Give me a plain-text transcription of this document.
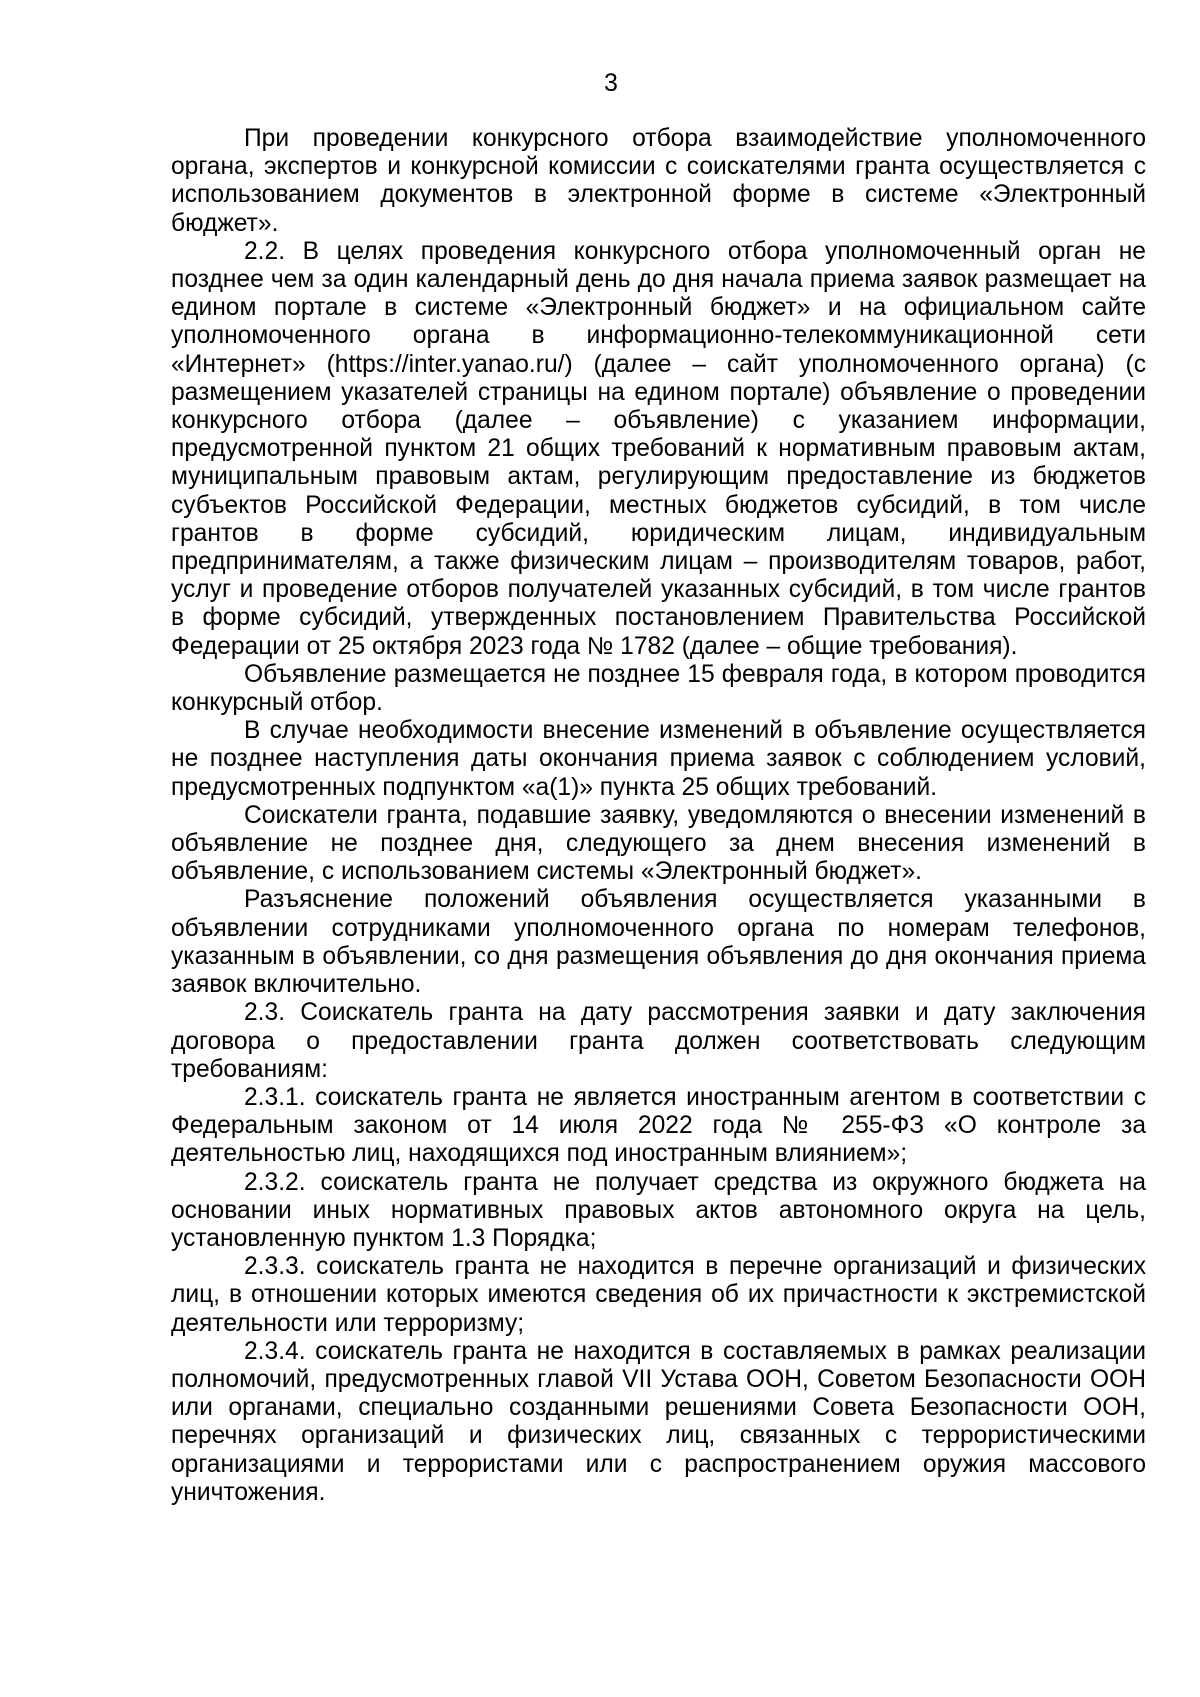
3

При проведении конкурсного отбора взаимодействие уполномоченного органа, экспертов и конкурсной комиссии с соискателями гранта осуществляется с использованием документов в электронной форме в системе «Электронный бюджет».

2.2. В целях проведения конкурсного отбора уполномоченный орган не позднее чем за один календарный день до дня начала приема заявок размещает на едином портале в системе «Электронный бюджет» и на официальном сайте уполномоченного органа в информационно-телекоммуникационной сети «Интернет» (https://inter.yanao.ru/) (далее – сайт уполномоченного органа) (с размещением указателей страницы на едином портале) объявление о проведении конкурсного отбора (далее – объявление) с указанием информации, предусмотренной пунктом 21 общих требований к нормативным правовым актам, муниципальным правовым актам, регулирующим предоставление из бюджетов субъектов Российской Федерации, местных бюджетов субсидий, в том числе грантов в форме субсидий, юридическим лицам, индивидуальным предпринимателям, а также физическим лицам – производителям товаров, работ, услуг и проведение отборов получателей указанных субсидий, в том числе грантов в форме субсидий, утвержденных постановлением Правительства Российской Федерации от 25 октября 2023 года № 1782 (далее – общие требования).

Объявление размещается не позднее 15 февраля года, в котором проводится конкурсный отбор.

В случае необходимости внесение изменений в объявление осуществляется не позднее наступления даты окончания приема заявок с соблюдением условий, предусмотренных подпунктом «а(1)» пункта 25 общих требований.

Соискатели гранта, подавшие заявку, уведомляются о внесении изменений в объявление не позднее дня, следующего за днем внесения изменений в объявление, с использованием системы «Электронный бюджет».

Разъяснение положений объявления осуществляется указанными в объявлении сотрудниками уполномоченного органа по номерам телефонов, указанным в объявлении, со дня размещения объявления до дня окончания приема заявок включительно.

2.3. Соискатель гранта на дату рассмотрения заявки и дату заключения договора о предоставлении гранта должен соответствовать следующим требованиям:

2.3.1. соискатель гранта не является иностранным агентом в соответствии с Федеральным законом от 14 июля 2022 года № 255-ФЗ «О контроле за деятельностью лиц, находящихся под иностранным влиянием»;

2.3.2. соискатель гранта не получает средства из окружного бюджета на основании иных нормативных правовых актов автономного округа на цель, установленную пунктом 1.3 Порядка;

2.3.3. соискатель гранта не находится в перечне организаций и физических лиц, в отношении которых имеются сведения об их причастности к экстремистской деятельности или терроризму;

2.3.4. соискатель гранта не находится в составляемых в рамках реализации полномочий, предусмотренных главой VII Устава ООН, Советом Безопасности ООН или органами, специально созданными решениями Совета Безопасности ООН, перечнях организаций и физических лиц, связанных с террористическими организациями и террористами или с распространением оружия массового уничтожения.
